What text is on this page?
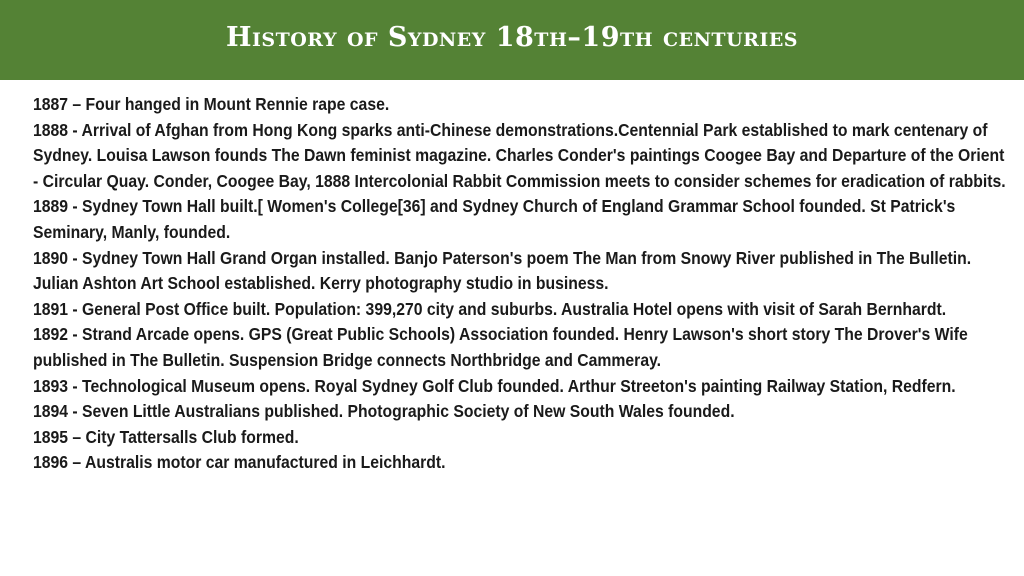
History of Sydney 18th–19th centuries

1887 – Four hanged in Mount Rennie rape case.

1888 - Arrival of Afghan from Hong Kong sparks anti-Chinese demonstrations.Centennial Park established to mark centenary of Sydney. Louisa Lawson founds The Dawn feminist magazine. Charles Conder's paintings Coogee Bay and Departure of the Orient - Circular Quay. Conder, Coogee Bay, 1888 Intercolonial Rabbit Commission meets to consider schemes for eradication of rabbits.

1889 - Sydney Town Hall built.[ Women's College[36] and Sydney Church of England Grammar School founded. St Patrick's Seminary, Manly, founded.

1890 - Sydney Town Hall Grand Organ installed. Banjo Paterson's poem The Man from Snowy River published in The Bulletin. Julian Ashton Art School established. Kerry photography studio in business.

1891 - General Post Office built. Population: 399,270 city and suburbs. Australia Hotel opens with visit of Sarah Bernhardt.

1892 - Strand Arcade opens. GPS (Great Public Schools) Association founded. Henry Lawson's short story The Drover's Wife published in The Bulletin. Suspension Bridge connects Northbridge and Cammeray.

1893 - Technological Museum opens. Royal Sydney Golf Club founded. Arthur Streeton's painting Railway Station, Redfern.

1894 - Seven Little Australians published. Photographic Society of New South Wales founded.

1895 – City Tattersalls Club formed.

1896 – Australis motor car manufactured in Leichhardt.
